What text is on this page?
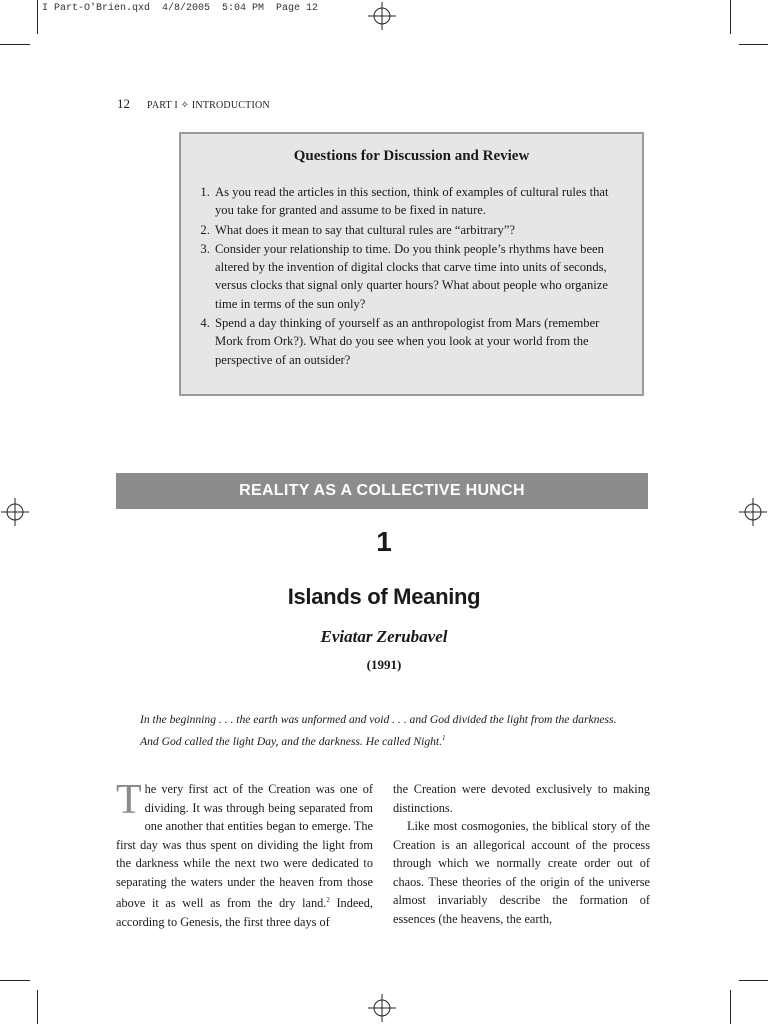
I Part-O'Brien.qxd  4/8/2005  5:04 PM  Page 12
12 PART I ✧ INTRODUCTION
Questions for Discussion and Review
1. As you read the articles in this section, think of examples of cultural rules that you take for granted and assume to be fixed in nature.
2. What does it mean to say that cultural rules are “arbitrary”?
3. Consider your relationship to time. Do you think people’s rhythms have been altered by the invention of digital clocks that carve time into units of seconds, versus clocks that signal only quarter hours? What about people who organize time in terms of the sun only?
4. Spend a day thinking of yourself as an anthropologist from Mars (remember Mork from Ork?). What do you see when you look at your world from the perspective of an outsider?
REALITY AS A COLLECTIVE HUNCH
1
Islands of Meaning
Eviatar Zerubavel
(1991)
In the beginning . . . the earth was unformed and void . . . and God divided the light from the darkness. And God called the light Day, and the darkness. He called Night.$^1$

The very first act of the Creation was one of dividing. It was through being separated from one another that entities began to emerge. The first day was thus spent on dividing the light from the darkness while the next two were dedicated to separating the waters under the heaven from those above it as well as from the dry land.$^2$ Indeed, according to Genesis, the first three days of

the Creation were devoted exclusively to making distinctions.

Like most cosmogonies, the biblical story of the Creation is an allegorical account of the process through which we normally create order out of chaos. These theories of the origin of the universe almost invariably describe the formation of essences (the heavens, the earth,
